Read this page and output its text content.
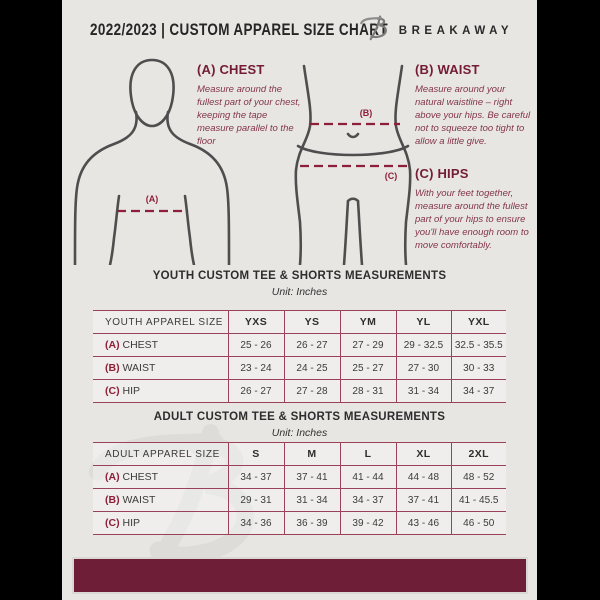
2022/2023 | CUSTOM APPAREL SIZE CHART BREAKAWAY
(A)
(B)
(C)
(A) CHEST

Measure around the fullest part of your chest, keeping the tape measure parallel to the floor

(B) WAIST

Measure around your natural waistline – right above your hips. Be careful not to squeeze too tight to allow a little give.

(C) HIPS

With your feet together, measure around the fullest part of your hips to ensure you'll have enough room to move comfortably.

YOUTH CUSTOM TEE & SHORTS MEASUREMENTS
Unit: Inches
YOUTH APPAREL SIZE	YXS	YS	YM	YL	YXL
(A) CHEST	25 - 26	26 - 27	27 - 29	29 - 32.5	32.5 - 35.5
(B) WAIST	23 - 24	24 - 25	25 - 27	27 - 30	30 - 33
(C) HIP	26 - 27	27 - 28	28 - 31	31 - 34	34 - 37
ADULT CUSTOM TEE & SHORTS MEASUREMENTS
Unit: Inches
ADULT APPAREL SIZE	S	M	L	XL	2XL
(A) CHEST	34 - 37	37 - 41	41 - 44	44 - 48	48 - 52
(B) WAIST	29 - 31	31 - 34	34 - 37	37 - 41	41 - 45.5
(C) HIP	34 - 36	36 - 39	39 - 42	43 - 46	46 - 50
